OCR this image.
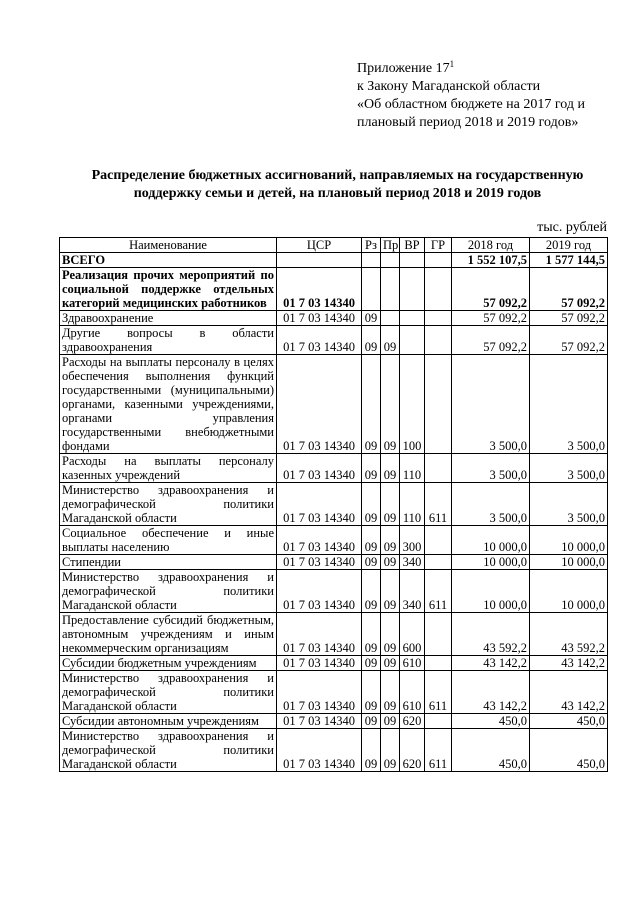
Приложение $17^1$
к Закону Магаданской области
«Об областном бюджете на 2017 год и
плановый период 2018 и 2019 годов»
Распределение бюджетных ассигнований, направляемых на государственную
поддержку семьи и детей, на плановый период 2018 и 2019 годов
тыс. рублей
Наименование	ЦСР	Рз	Пр	ВР	ГР	2018 год	2019 год
ВСЕГО						1 552 107,5	1 577 144,5
Реализация прочих мероприятий по социальной поддержке отдельных категорий медицинских работников	01 7 03 14340					57 092,2	57 092,2
Здравоохранение	01 7 03 14340	09				57 092,2	57 092,2
Другие вопросы в области здравоохранения	01 7 03 14340	09	09			57 092,2	57 092,2
Расходы на выплаты персоналу в целях обеспечения выполнения функций государственными (муниципальными) органами, казенными учреждениями, органами управления государственными внебюджетными фондами	01 7 03 14340	09	09	100		3 500,0	3 500,0
Расходы на выплаты персоналу казенных учреждений	01 7 03 14340	09	09	110		3 500,0	3 500,0
Министерство здравоохранения и демографической политики Магаданской области	01 7 03 14340	09	09	110	611	3 500,0	3 500,0
Социальное обеспечение и иные выплаты населению	01 7 03 14340	09	09	300		10 000,0	10 000,0
Стипендии	01 7 03 14340	09	09	340		10 000,0	10 000,0
Министерство здравоохранения и демографической политики Магаданской области	01 7 03 14340	09	09	340	611	10 000,0	10 000,0
Предоставление субсидий бюджетным, автономным учреждениям и иным некоммерческим организациям	01 7 03 14340	09	09	600		43 592,2	43 592,2
Субсидии бюджетным учреждениям	01 7 03 14340	09	09	610		43 142,2	43 142,2
Министерство здравоохранения и демографической политики Магаданской области	01 7 03 14340	09	09	610	611	43 142,2	43 142,2
Субсидии автономным учреждениям	01 7 03 14340	09	09	620		450,0	450,0
Министерство здравоохранения и демографической политики Магаданской области	01 7 03 14340	09	09	620	611	450,0	450,0
